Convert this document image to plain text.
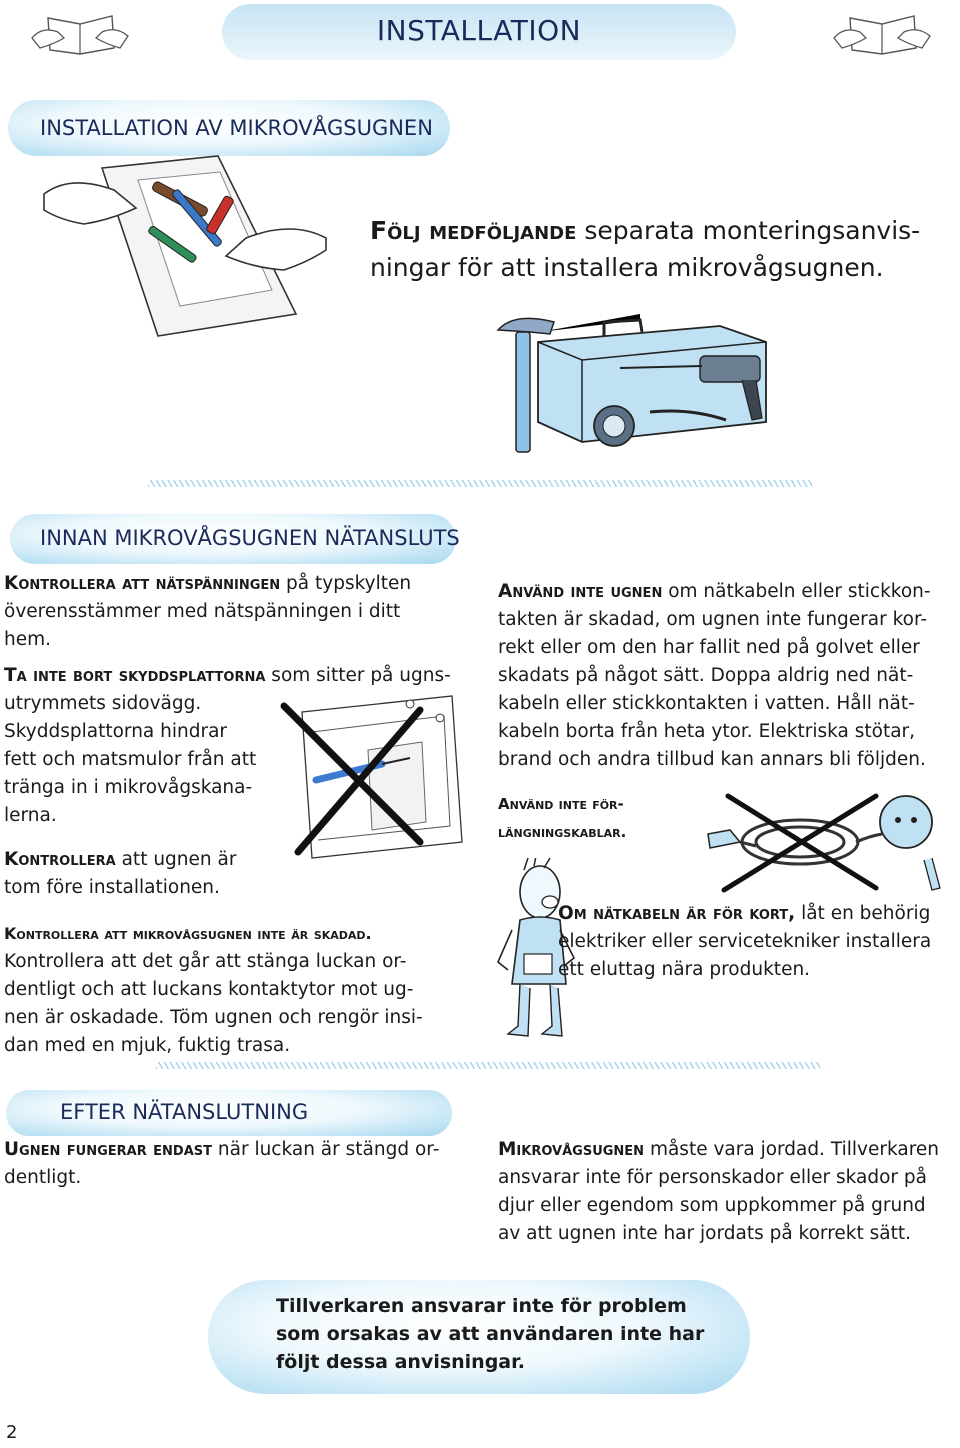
INSTALLATION
INSTALLATION AV MIKROVÅGSUGNEN
Följ medföljande separata monteringsanvis-
ningar för att installera mikrovågsugnen.
INNAN MIKROVÅGSUGNEN NÄTANSLUTS
Kontrollera att nätspänningen på typskylten
överensstämmer med nätspänningen i ditt
hem.
Ta inte bort skyddsplattorna som sitter på ugns-
utrymmets sidovägg.
Skyddsplattorna hindrar
fett och matsmulor från att
tränga in i mikrovågskana-
lerna.
Kontrollera att ugnen är
tom före installationen.
Kontrollera att mikrovågsugnen inte är skadad.
Kontrollera att det går att stänga luckan or-
dentligt och att luckans kontaktytor mot ug-
nen är oskadade. Töm ugnen och rengör insi-
dan med en mjuk, fuktig trasa.
Använd inte ugnen om nätkabeln eller stickkon-
takten är skadad, om ugnen inte fungerar kor-
rekt eller om den har fallit ned på golvet eller
skadats på något sätt. Doppa aldrig ned nät-
kabeln eller stickkontakten i vatten. Håll nät-
kabeln borta från heta ytor. Elektriska stötar,
brand och andra tillbud kan annars bli följden.
Använd inte för-
längningskablar.
Om nätkabeln är för kort, låt en behörig
elektriker eller servicetekniker installera
ett eluttag nära produkten.
EFTER NÄTANSLUTNING
Ugnen fungerar endast när luckan är stängd or-
dentligt.
Mikrovågsugnen måste vara jordad. Tillverkaren
ansvarar inte för personskador eller skador på
djur eller egendom som uppkommer på grund
av att ugnen inte har jordats på korrekt sätt.
Tillverkaren ansvarar inte för problem
som orsakas av att användaren inte har
följt dessa anvisningar.
2
